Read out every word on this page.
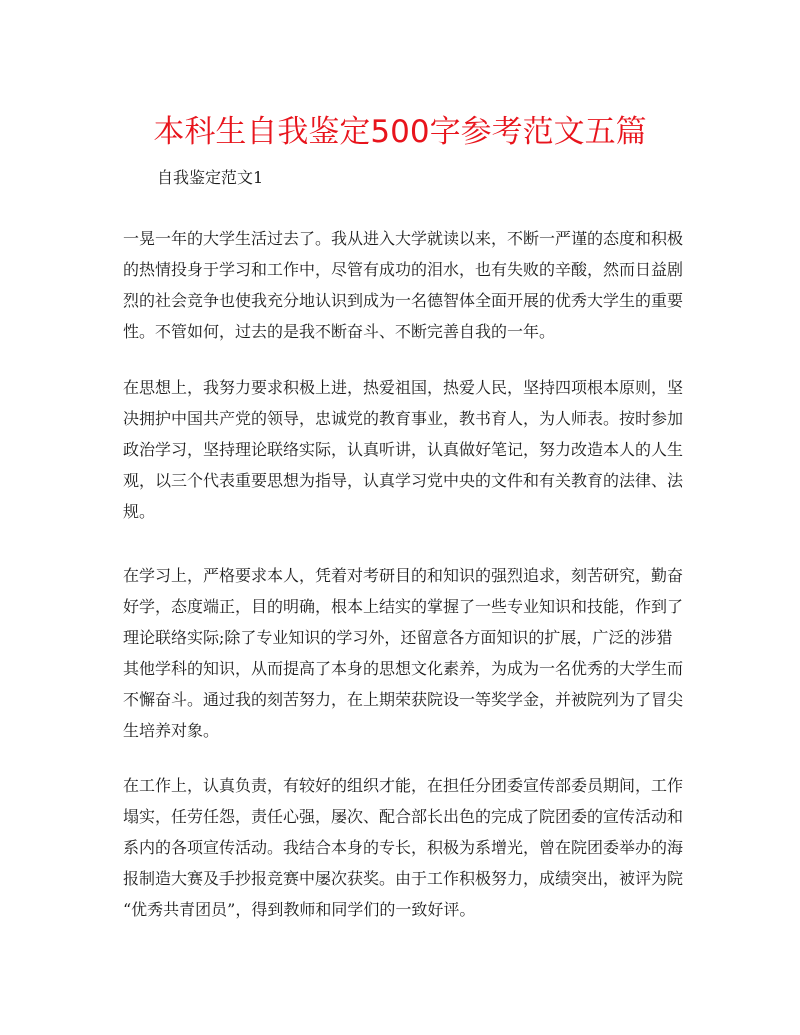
本科生自我鉴定500字参考范文五篇

自我鉴定范文1

一晃一年的大学生活过去了。我从进入大学就读以来，不断一严谨的态度和积极
的热情投身于学习和工作中，尽管有成功的泪水，也有失败的辛酸，然而日益剧
烈的社会竞争也使我充分地认识到成为一名德智体全面开展的优秀大学生的重要
性。不管如何，过去的是我不断奋斗、不断完善自我的一年。
在思想上，我努力要求积极上进，热爱祖国，热爱人民，坚持四项根本原则，坚
决拥护中国共产党的领导，忠诚党的教育事业，教书育人，为人师表。按时参加
政治学习，坚持理论联络实际，认真听讲，认真做好笔记，努力改造本人的人生
观，以三个代表重要思想为指导，认真学习党中央的文件和有关教育的法律、法
规。
在学习上，严格要求本人，凭着对考研目的和知识的强烈追求，刻苦研究，勤奋
好学，态度端正，目的明确，根本上结实的掌握了一些专业知识和技能，作到了
理论联络实际;除了专业知识的学习外，还留意各方面知识的扩展，广泛的涉猎
其他学科的知识，从而提高了本身的思想文化素养，为成为一名优秀的大学生而
不懈奋斗。通过我的刻苦努力，在上期荣获院设一等奖学金，并被院列为了冒尖
生培养对象。
在工作上，认真负责，有较好的组织才能，在担任分团委宣传部委员期间，工作
塌实，任劳任怨，责任心强，屡次、配合部长出色的完成了院团委的宣传活动和
系内的各项宣传活动。我结合本身的专长，积极为系增光，曾在院团委举办的海
报制造大赛及手抄报竞赛中屡次获奖。由于工作积极努力，成绩突出，被评为院
“优秀共青团员”，得到教师和同学们的一致好评。
